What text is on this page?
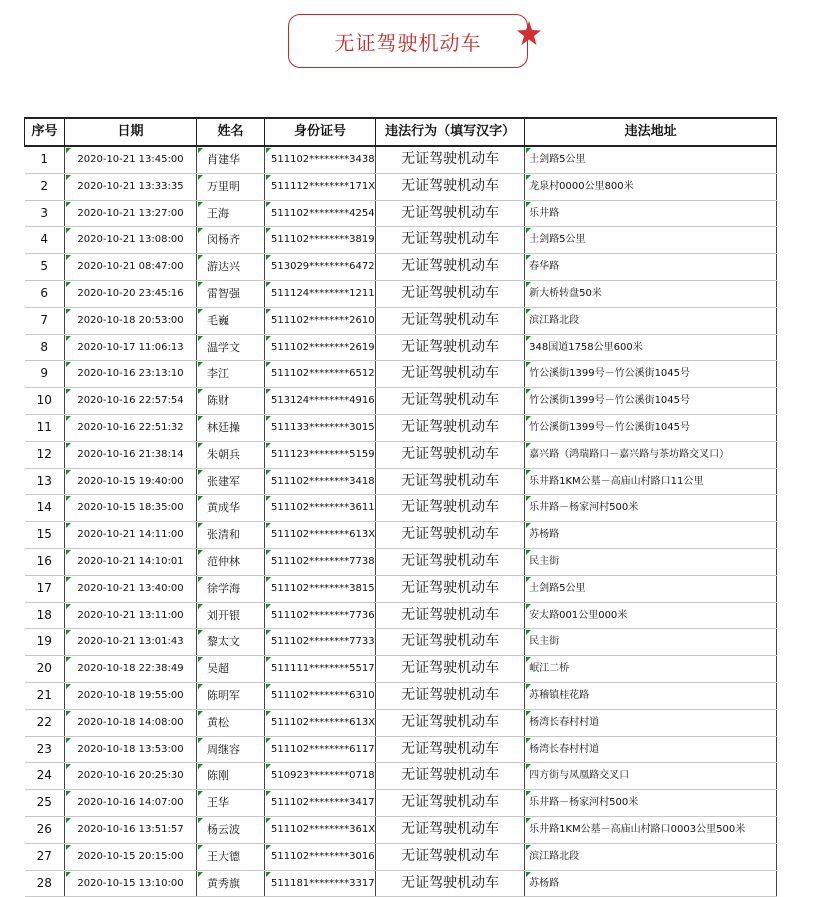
无证驾驶机动车
序号	日期	姓名	身份证号	违法行为（填写汉字）	违法地址
1	2020-10-21 13:45:00	肖建华	511102********3438	无证驾驶机动车	土剑路5公里
2	2020-10-21 13:33:35	万里明	511112********171X	无证驾驶机动车	龙泉村0000公里800米
3	2020-10-21 13:27:00	王海	511102********4254	无证驾驶机动车	乐井路
4	2020-10-21 13:08:00	闵杨齐	511102********3819	无证驾驶机动车	土剑路5公里
5	2020-10-21 08:47:00	游达兴	513029********6472	无证驾驶机动车	春华路
6	2020-10-20 23:45:16	雷智强	511124********1211	无证驾驶机动车	新大桥转盘50米
7	2020-10-18 20:53:00	毛巍	511102********2610	无证驾驶机动车	滨江路北段
8	2020-10-17 11:06:13	温学文	511102********2619	无证驾驶机动车	348国道1758公里600米
9	2020-10-16 23:13:10	李江	511102********6512	无证驾驶机动车	竹公溪街1399号－竹公溪街1045号
10	2020-10-16 22:57:54	陈财	513124********4916	无证驾驶机动车	竹公溪街1399号－竹公溪街1045号
11	2020-10-16 22:51:32	林廷操	511133********3015	无证驾驶机动车	竹公溪街1399号－竹公溪街1045号
12	2020-10-16 21:38:14	朱朝兵	511123********5159	无证驾驶机动车	嘉兴路（鸿瑞路口－嘉兴路与茶坊路交叉口）
13	2020-10-15 19:40:00	张建军	511102********3418	无证驾驶机动车	乐井路1KM公墓－高庙山村路口11公里
14	2020-10-15 18:35:00	黄成华	511102********3611	无证驾驶机动车	乐井路－杨家河村500米
15	2020-10-21 14:11:00	张清和	511102********613X	无证驾驶机动车	苏杨路
16	2020-10-21 14:10:01	范仲林	511102********7738	无证驾驶机动车	民主街
17	2020-10-21 13:40:00	徐学海	511102********3815	无证驾驶机动车	土剑路5公里
18	2020-10-21 13:11:00	刘开银	511102********7736	无证驾驶机动车	安太路001公里000米
19	2020-10-21 13:01:43	黎太文	511102********7733	无证驾驶机动车	民主街
20	2020-10-18 22:38:49	吴超	511111********5517	无证驾驶机动车	岷江二桥
21	2020-10-18 19:55:00	陈明军	511102********6310	无证驾驶机动车	苏稽镇桂花路
22	2020-10-18 14:08:00	黄松	511102********613X	无证驾驶机动车	杨湾长春村村道
23	2020-10-18 13:53:00	周继容	511102********6117	无证驾驶机动车	杨湾长春村村道
24	2020-10-16 20:25:30	陈刚	510923********0718	无证驾驶机动车	四方街与凤凰路交叉口
25	2020-10-16 14:07:00	王华	511102********3417	无证驾驶机动车	乐井路－杨家河村500米
26	2020-10-16 13:51:57	杨云波	511102********361X	无证驾驶机动车	乐井路1KM公墓－高庙山村路口0003公里500米
27	2020-10-15 20:15:00	王大德	511102********3016	无证驾驶机动车	滨江路北段
28	2020-10-15 13:10:00	黄秀旗	511181********3317	无证驾驶机动车	苏杨路
